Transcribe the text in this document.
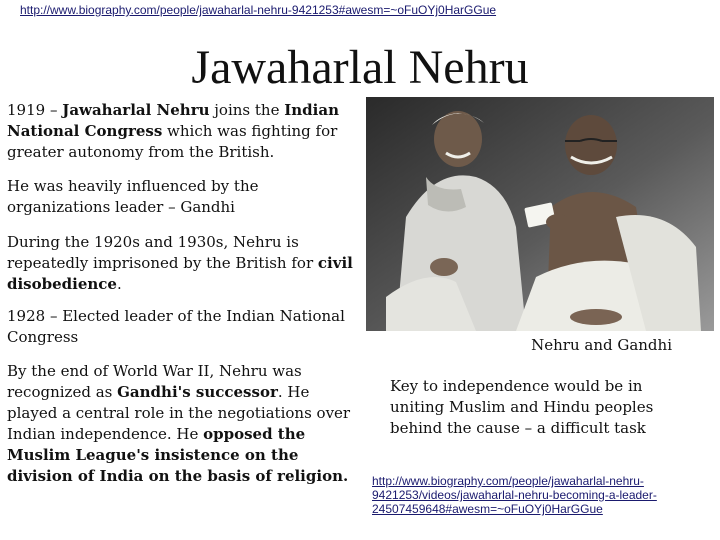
http://www.biography.com/people/jawaharlal-nehru-9421253#awesm=~oFuOYj0HarGGue
Jawaharlal Nehru

1919 – Jawaharlal Nehru joins the Indian National Congress which was fighting for greater autonomy from the British.

He was heavily influenced by the organizations leader – Gandhi

During the 1920s and 1930s, Nehru is repeatedly imprisoned by the British for civil disobedience.

1928 – Elected leader of the Indian National Congress

By the end of World War II, Nehru was recognized as Gandhi's successor. He played a central role in the negotiations over Indian independence. He opposed the Muslim League's insistence on the division of India on the basis of religion.

Nehru and Gandhi
Key to independence would be in uniting Muslim and Hindu peoples behind the cause – a difficult task
http://www.biography.com/people/jawaharlal-nehru-9421253/videos/jawaharlal-nehru-becoming-a-leader-24507459648#awesm=~oFuOYj0HarGGue
